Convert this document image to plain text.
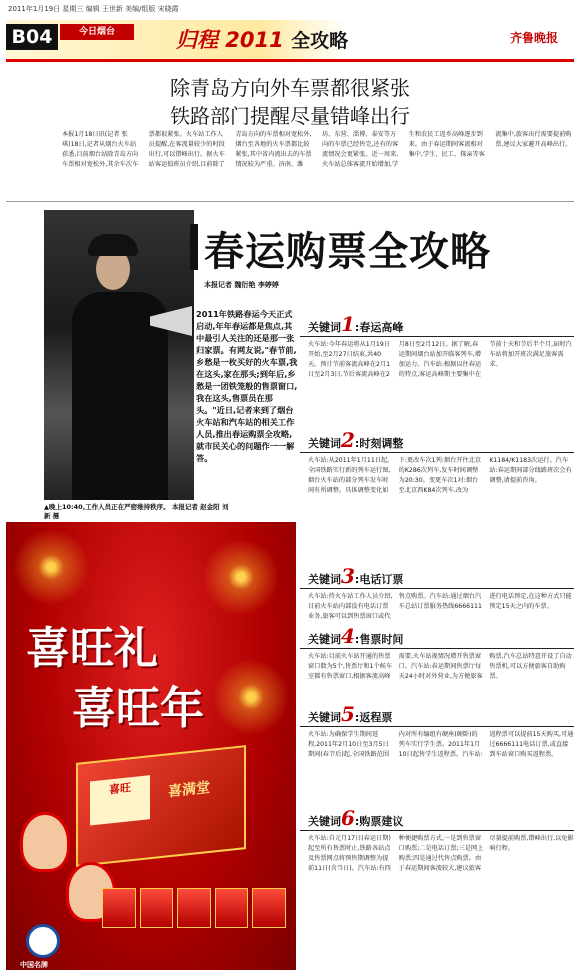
2011年1月19日 星期三 编辑 王世新 美编/组版 宋晓霞
B04	今日烟台	归程 2011 全攻略	齐鲁晚报
除青岛方向外车票都很紧张
铁路部门提醒尽量错峰出行
本报1月18日讯(记者 张琪)18日,记者从烟台火车站获悉,目前烟台站除青岛方向车票相对宽松外,其余车次车票都很紧张。火车站工作人员提醒,在客流量较少的时段出行,可以错峰出行。据火车站客运值班员介绍,目前除了青岛方向的车票相对宽松外,烟台至各地的火车票都比较紧张,其中省内流出去的车票情况较为严重。济南、潍坊、东营、淄博、泰安等方向的车票已经售完,还有的客流情况会更紧张。近一周来,火车站总体客流开始增加,学生和农民工返乡高峰逐步到来。由于春运期间客流相对集中,学生、民工、探亲等客流集中,旅客出行需要提前购票,建议大家避开高峰出行。
▲晚上10:40,工作人员正在严密维持秩序。 本报记者 赵金阳 刘 新 摄
春运购票全攻略
本报记者 魏衍艳 李婷婷
2011年铁路春运今天正式启动,年年春运都是焦点,其中最引人关注的还是那一张归家票。有网友说,"春节前,乡愁是一枚买好的火车票,我在这头,家在那头;到年后,乡愁是一团铁笼般的售票窗口,我在这头,售票员在那头。"近日,记者来到了烟台火车站和汽车站的相关工作人员,推出春运购票全攻略,就市民关心的问题作一一解答。
关键词1:春运高峰
火车站:今年春运将从1月19日开始,至2月27日结束,共40天。预计节前客流高峰在2月1日至2月3日,节后客流高峰在2月8日至2月12日。据了解,春运期间烟台站加开临客列车,增加运力。汽车站:根据以往春运的特点,客运高峰期主要集中在节前十天和节后半个月,届时汽车站将加开班次满足旅客需求。
关键词2:时刻调整
火车站:从2011年1月11日起,全国铁路实行新的列车运行图,烟台火车站的部分列车发车时间有所调整。具体调整变化如下:更改车次1列:烟台开往北京的K286次列车,发车时间调整为20:30。变更车次1对:烟台至北京西K84次列车,改为K1184/K1183次运行。汽车站:春运期间部分线路班次会有调整,请提前咨询。
关键词3:电话订票
火车站:持火车站工作人员介绍,目前火车站内部没有电话订票业务,旅客可以到售票窗口或代售点购票。汽车站:通过烟台汽车总站订票服务热线6666111进行电话预定,在这种方式只能预定15天之内的车票。
关键词4:售票时间
火车站:目前火车站开通的售票窗口数为5个,售票厅和1个候车室都有售票窗口,根据客流高峰需要,火车站视情况增开售票窗口。汽车站:春运期间售票厅每天24小时对外营业,为方便旅客购票,汽车总站特意开设了自动售票机,可以方便旅客自助购票。
关键词5:返程票
火车站:为确保学生期间返程,2011年2月10日至3月5日期间(春节后)起,全国铁路范围内对所有编组有硬座(硬卧)的列车实行学生票。2011年1月10日起售学生返程票。汽车站:返程票可以提前15天购买,可通过6666111电话订票,或直接到车站窗口购买返程票。
关键词6:购票建议
火车站:自元月17日(春运日期)起至所有售票时止,铁路各站点及售票网点将预售期调整为提前11日(含当日)。汽车站:有四种便捷购票方式,一是到售票窗口购票;二是电话订票;三是网上购票;四是通过代售点购票。由于春运期间客流较大,建议旅客尽量提前购票,错峰出行,以免影响行程。
喜旺礼
喜旺年
喜旺	喜满堂
中国名牌
